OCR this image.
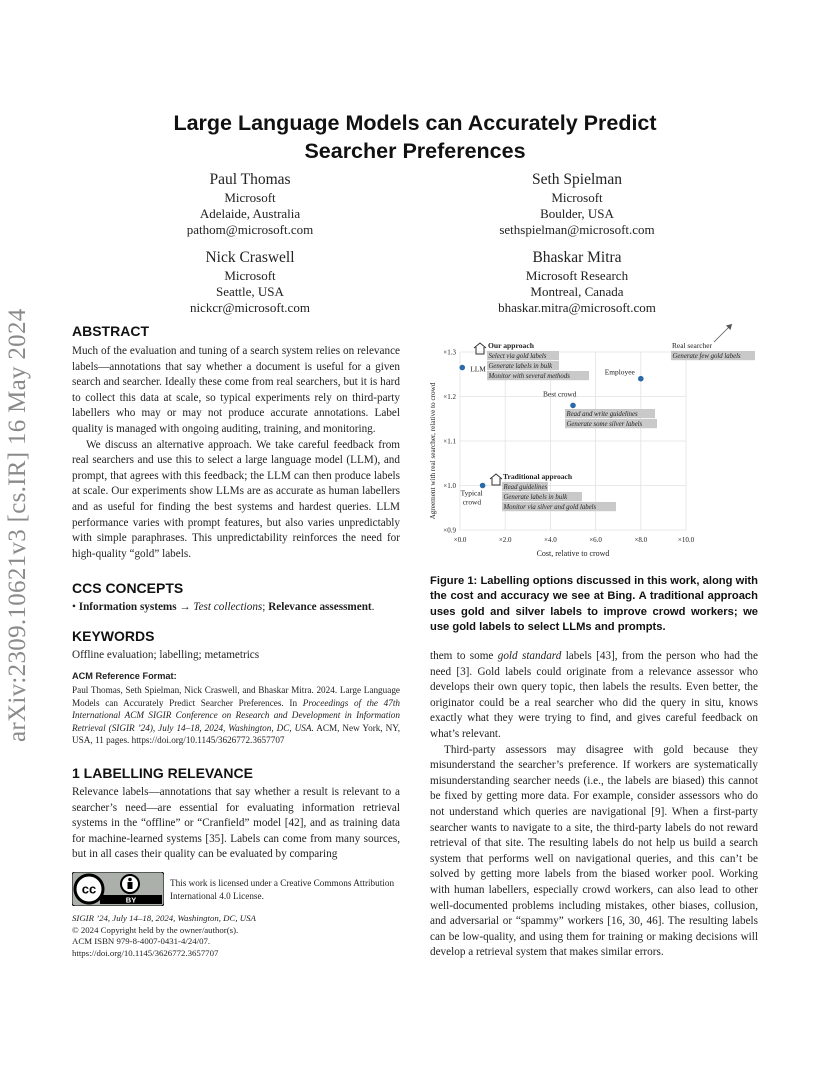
arXiv:2309.10621v3 [cs.IR] 16 May 2024
Large Language Models can Accurately Predict
Searcher Preferences
Paul Thomas
Microsoft
Adelaide, Australia
pathom@microsoft.com
Seth Spielman
Microsoft
Boulder, USA
sethspielman@microsoft.com
Nick Craswell
Microsoft
Seattle, USA
nickcr@microsoft.com
Bhaskar Mitra
Microsoft Research
Montreal, Canada
bhaskar.mitra@microsoft.com
ABSTRACT

Much of the evaluation and tuning of a search system relies on relevance labels—annotations that say whether a document is useful for a given search and searcher. Ideally these come from real searchers, but it is hard to collect this data at scale, so typical experiments rely on third-party labellers who may or may not produce accurate annotations. Label quality is managed with ongoing auditing, training, and monitoring.

We discuss an alternative approach. We take careful feedback from real searchers and use this to select a large language model (LLM), and prompt, that agrees with this feedback; the LLM can then produce labels at scale. Our experiments show LLMs are as accurate as human labellers and as useful for finding the best systems and hardest queries. LLM performance varies with prompt features, but also varies unpredictably with simple paraphrases. This unpredictability reinforces the need for high-quality “gold” labels.

CCS CONCEPTS
• Information systems → Test collections; Relevance assessment.
KEYWORDS
Offline evaluation; labelling; metametrics
ACM Reference Format:
Paul Thomas, Seth Spielman, Nick Craswell, and Bhaskar Mitra. 2024. Large Language Models can Accurately Predict Searcher Preferences. In Proceedings of the 47th International ACM SIGIR Conference on Research and Development in Information Retrieval (SIGIR ’24), July 14–18, 2024, Washington, DC, USA. ACM, New York, NY, USA, 11 pages. https://doi.org/10.1145/3626772.3657707
1 LABELLING RELEVANCE

Relevance labels—annotations that say whether a result is relevant to a searcher’s need—are essential for evaluating information retrieval systems in the “offline” or “Cranfield” model [42], and as training data for machine-learned systems [35]. Labels can come from many sources, but in all cases their quality can be evaluated by comparing

cc
BY
This work is licensed under a Creative Commons Attribution International 4.0 License.
SIGIR ’24, July 14–18, 2024, Washington, DC, USA
© 2024 Copyright held by the owner/author(s).
ACM ISBN 979-8-4007-0431-4/24/07.
https://doi.org/10.1145/3626772.3657707
×0.0	×2.0	×4.0	×6.0	×8.0	×10.0
×0.9
×1.0
×1.1
×1.2
×1.3
Cost, relative to crowd
Agreement with real searcher, relative to crowd
LLM
Typical
crowd
Best crowd
Employee
Real searcher
Our approach
Select via gold labels
Generate labels in bulk
Monitor with several methods
Traditional approach
Read guidelines
Generate labels in bulk
Monitor via silver and gold labels
Read and write guidelines
Generate some silver labels
Generate few gold labels
Figure 1: Labelling options discussed in this work, along with the cost and accuracy we see at Bing. A traditional approach uses gold and silver labels to improve crowd workers; we use gold labels to select LLMs and prompts.

them to some gold standard labels [43], from the person who had the need [3]. Gold labels could originate from a relevance assessor who develops their own query topic, then labels the results. Even better, the originator could be a real searcher who did the query in situ, knows exactly what they were trying to find, and gives careful feedback on what’s relevant.

Third-party assessors may disagree with gold because they misunderstand the searcher’s preference. If workers are systematically misunderstanding searcher needs (i.e., the labels are biased) this cannot be fixed by getting more data. For example, consider assessors who do not understand which queries are navigational [9]. When a first-party searcher wants to navigate to a site, the third-party labels do not reward retrieval of that site. The resulting labels do not help us build a search system that performs well on navigational queries, and this can’t be solved by getting more labels from the biased worker pool. Working with human labellers, especially crowd workers, can also lead to other well-documented problems including mistakes, other biases, collusion, and adversarial or “spammy” workers [16, 30, 46]. The resulting labels can be low-quality, and using them for training or making decisions will develop a retrieval system that makes similar errors.
